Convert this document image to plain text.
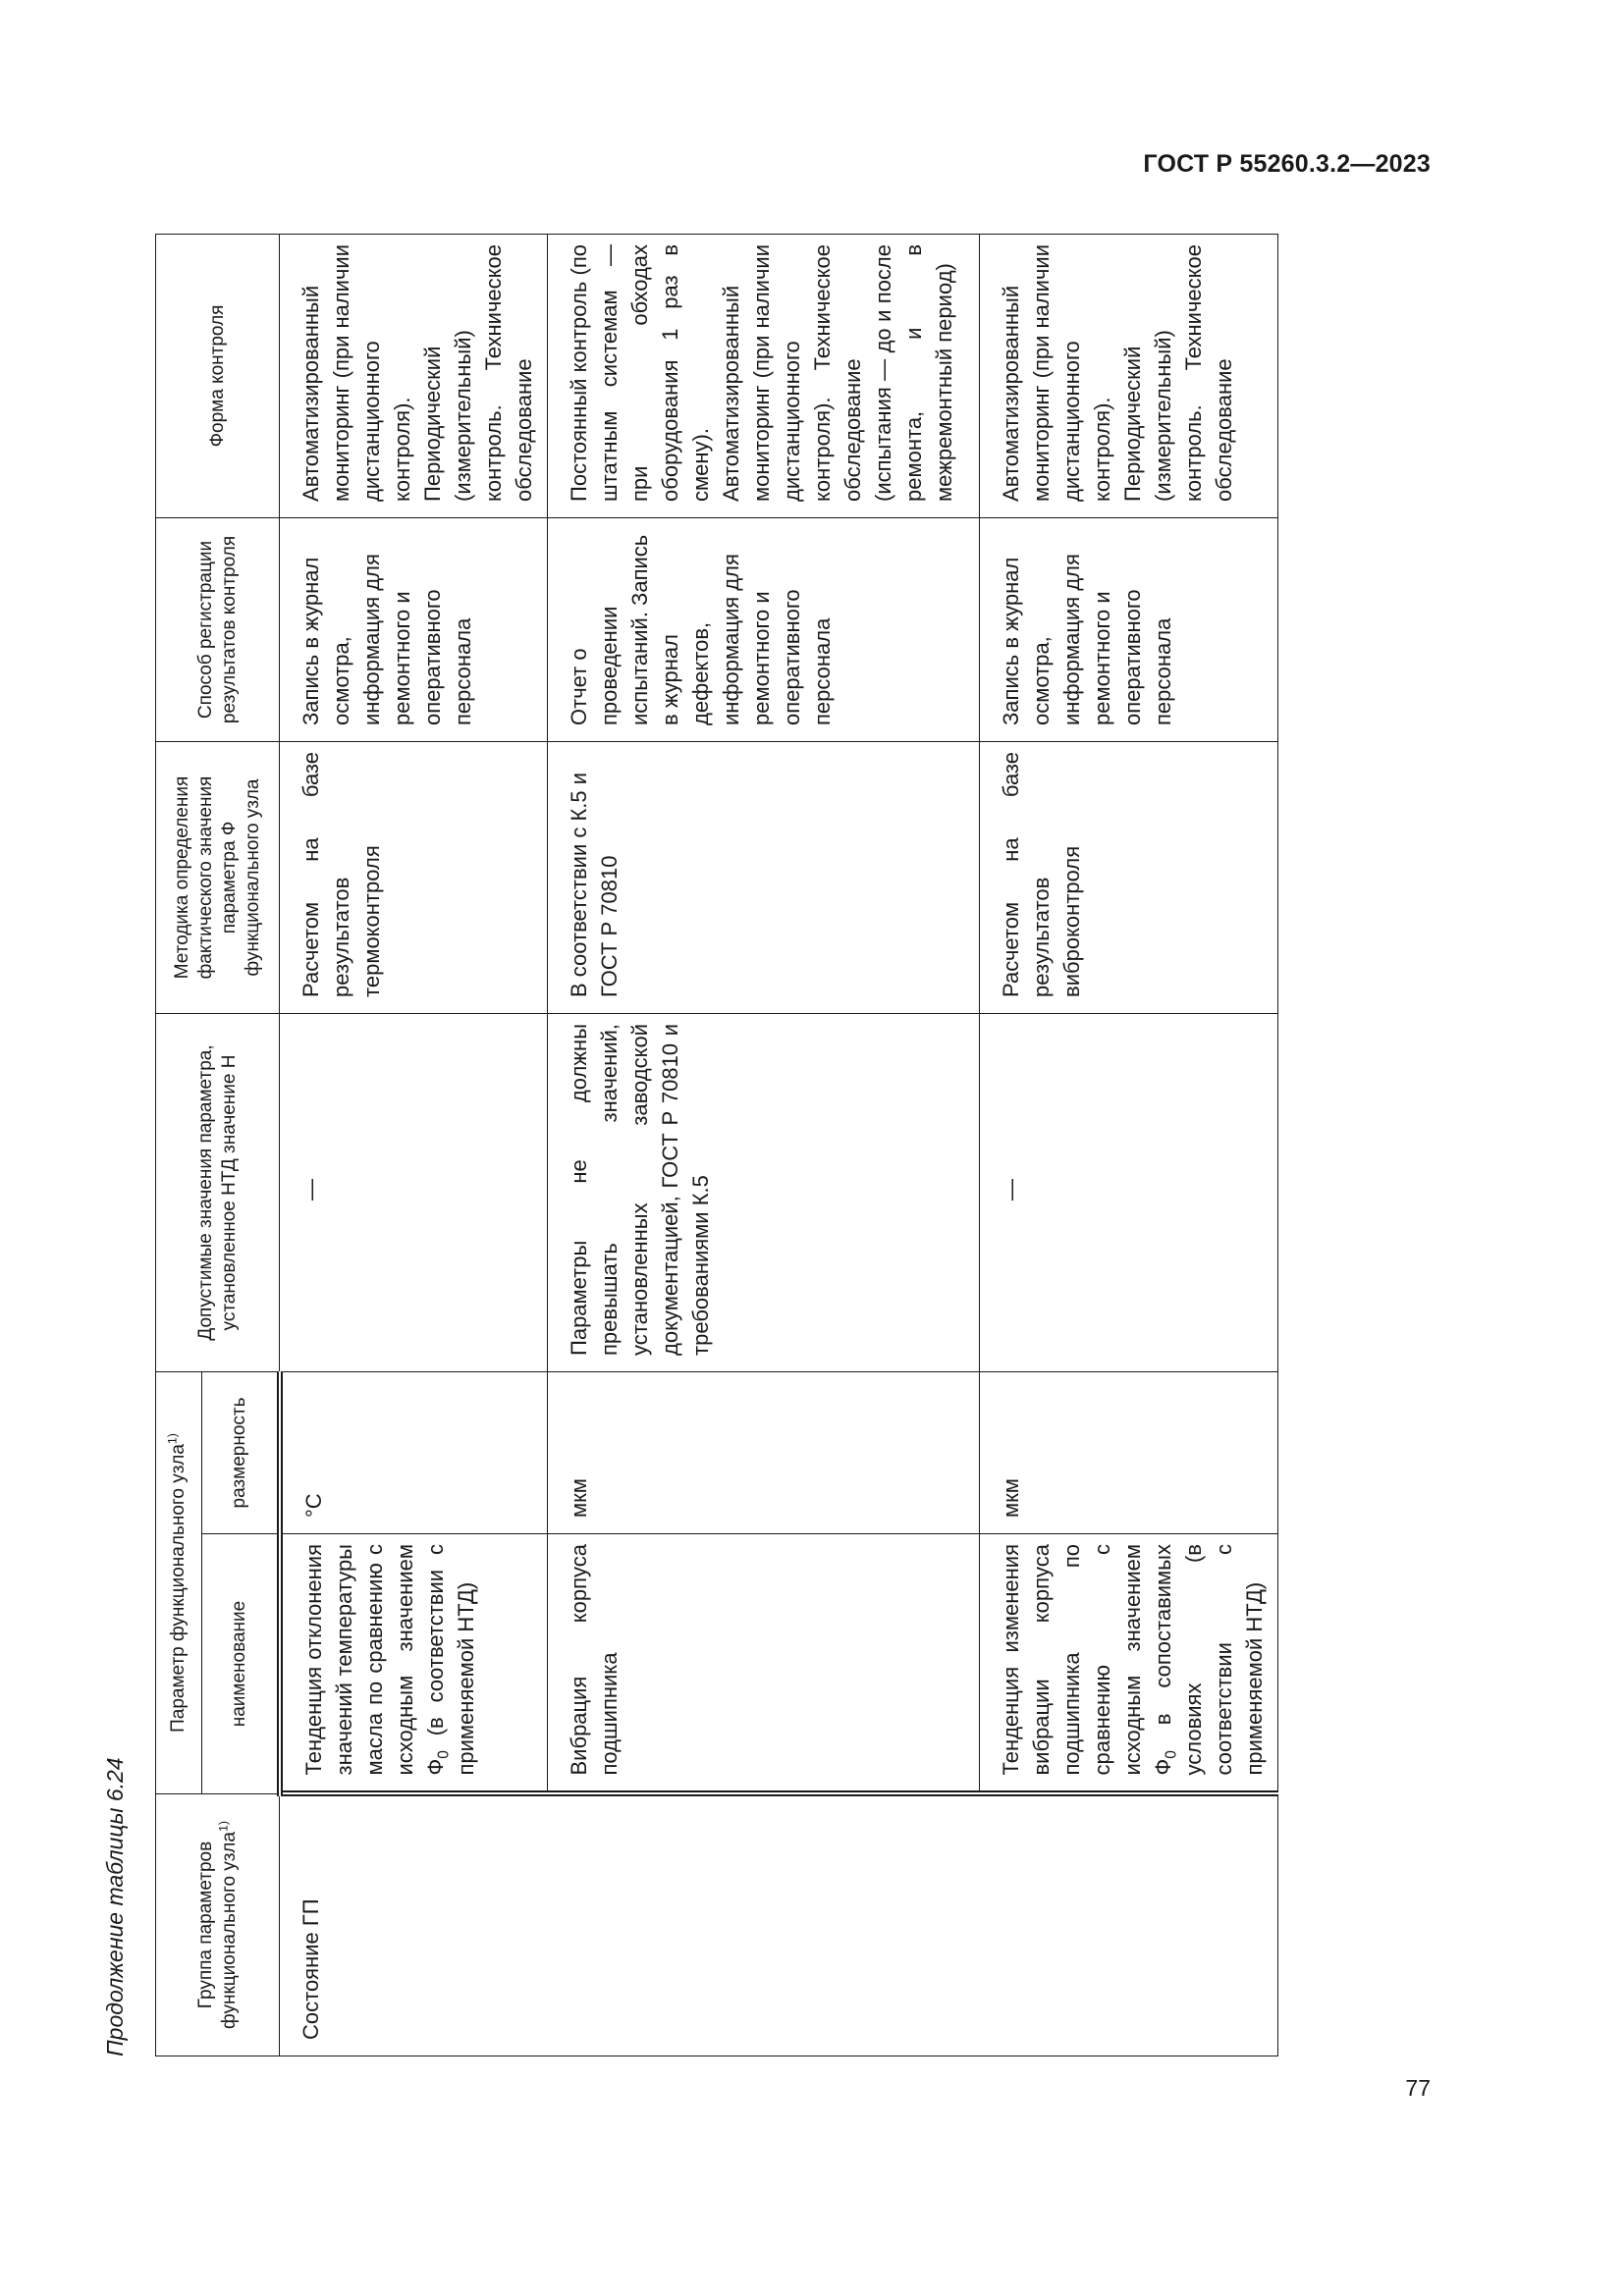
ГОСТ Р 55260.3.2—2023
Продолжение таблицы 6.24	Группа параметров функционального узла$^{1)}$	Параметр функционального узла$^{1)}$		Допустимые значения параметра, установленное НТД значение Н	Методика определения фактического значения параметра Ф функционального узла	Способ регистрации результатов контроля	Форма контроля
	наименование	размерность				
Состояние ГП	Тенденция отклонения значений температуры масла по сравнению с исходным значением $Ф_0$ (в соответствии с применяемой НТД)	°С	—	Расчетом на базе результатов термоконтроля	Запись в журнал осмотра, информация для ремонтного и оперативного персонала	Автоматизированный мониторинг (при наличии дистанционного контроля). Периодический (измерительный) контроль. Техническое обследование
	Вибрация корпуса подшипника	мкм	Параметры не должны превышать значений, установленных заводской документацией, ГОСТ Р 70810 и требованиями К.5	В соответствии с К.5 и ГОСТ Р 70810	Отчет о проведении испытаний. Запись в журнал дефектов, информация для ремонтного и оперативного персонала	Постоянный контроль (по штатным системам — при обходах оборудования 1 раз в смену). Автоматизированный мониторинг (при наличии дистанционного контроля). Техническое обследование (испытания — до и после ремонта, и в межремонтный период)
	Тенденция изменения вибрации корпуса подшипника по сравнению с исходным значением $Ф_0$ в сопоставимых условиях (в соответствии с применяемой НТД)	мкм	—	Расчетом на базе результатов виброконтроля	Запись в журнал осмотра, информация для ремонтного и оперативного персонала	Автоматизированный мониторинг (при наличии дистанционного контроля). Периодический (измерительный) контроль. Техническое обследование
77
